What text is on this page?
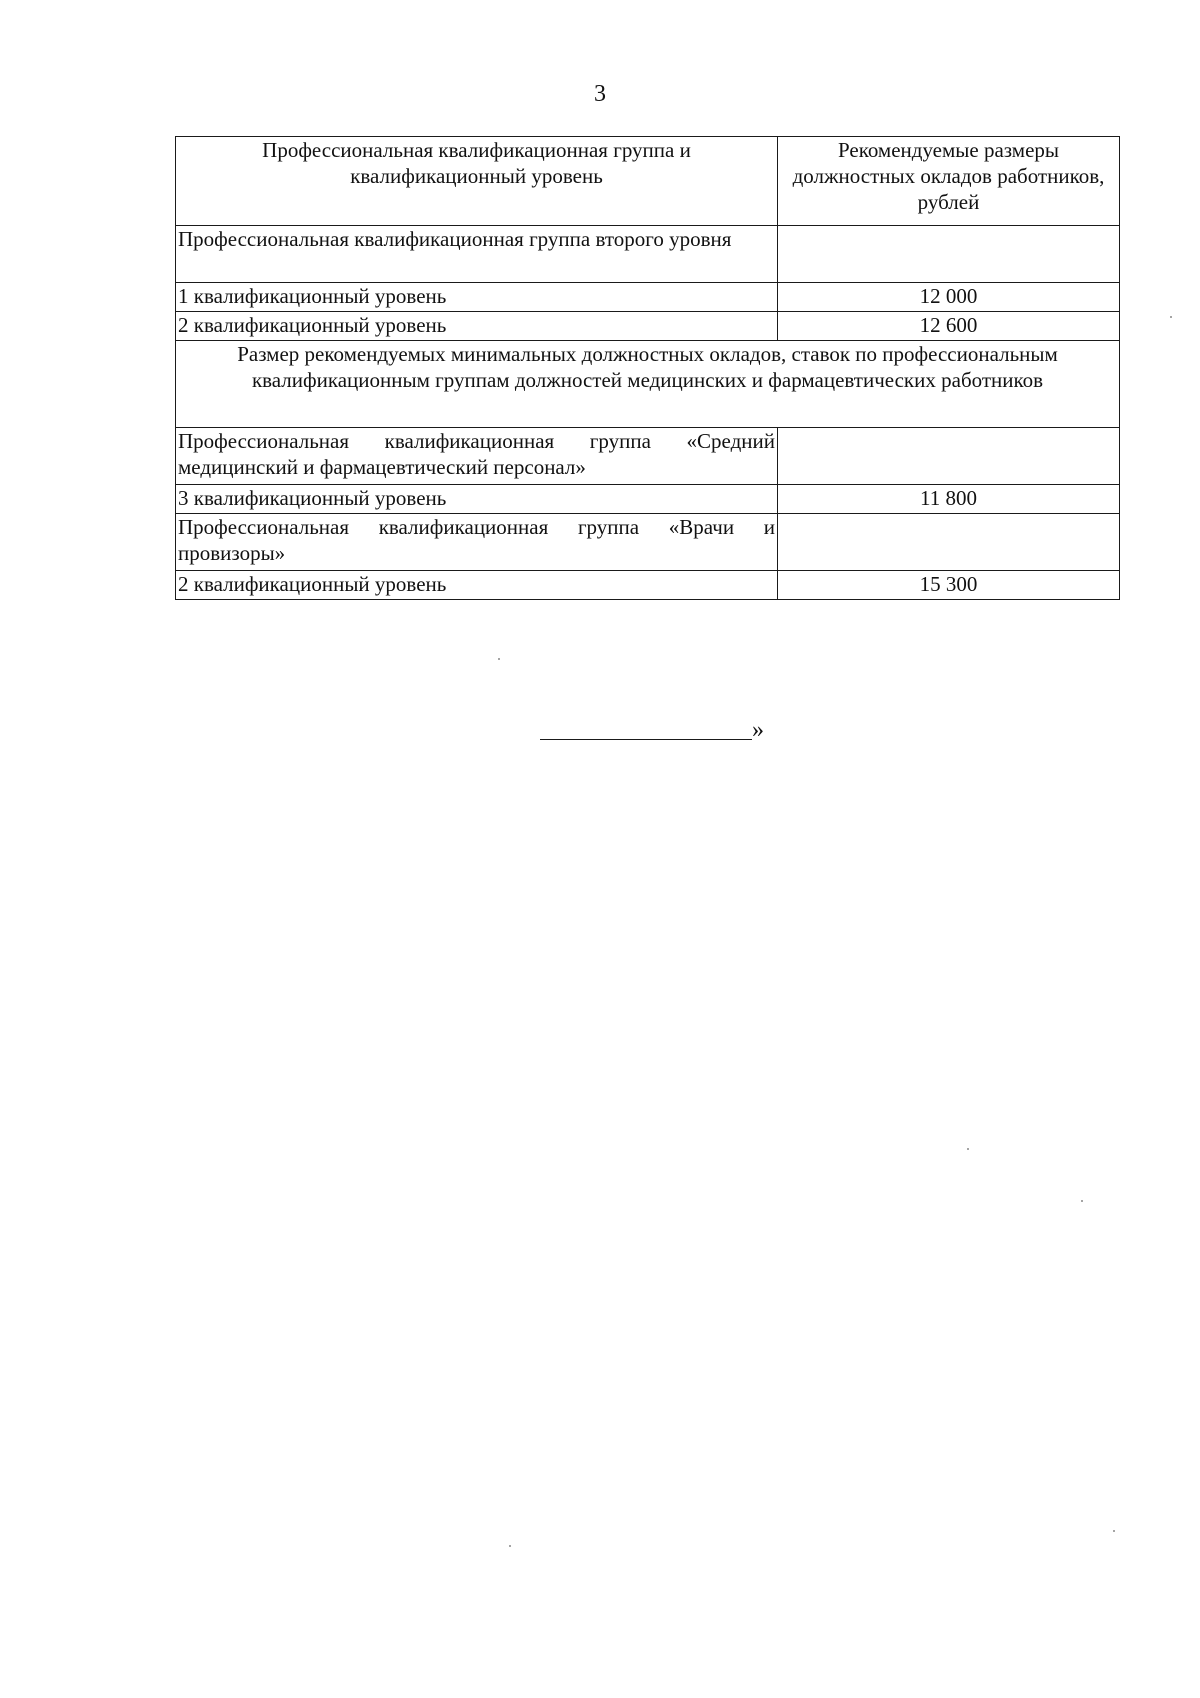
3
Профессиональная квалификационная группа и квалификационный уровень	Рекомендуемые размеры должностных окладов работников, рублей
Профессиональная квалификационная группа второго уровня	
1 квалификационный уровень	12 000
2 квалификационный уровень	12 600
Размер рекомендуемых минимальных должностных окладов, ставок по профессиональным квалификационным группам должностей медицинских и фармацевтических работников	
Профессиональная квалификационная группа «Средний медицинский и фармацевтический персонал»	
3 квалификационный уровень	11 800
Профессиональная квалификационная группа «Врачи и провизоры»	
2 квалификационный уровень	15 300
»
